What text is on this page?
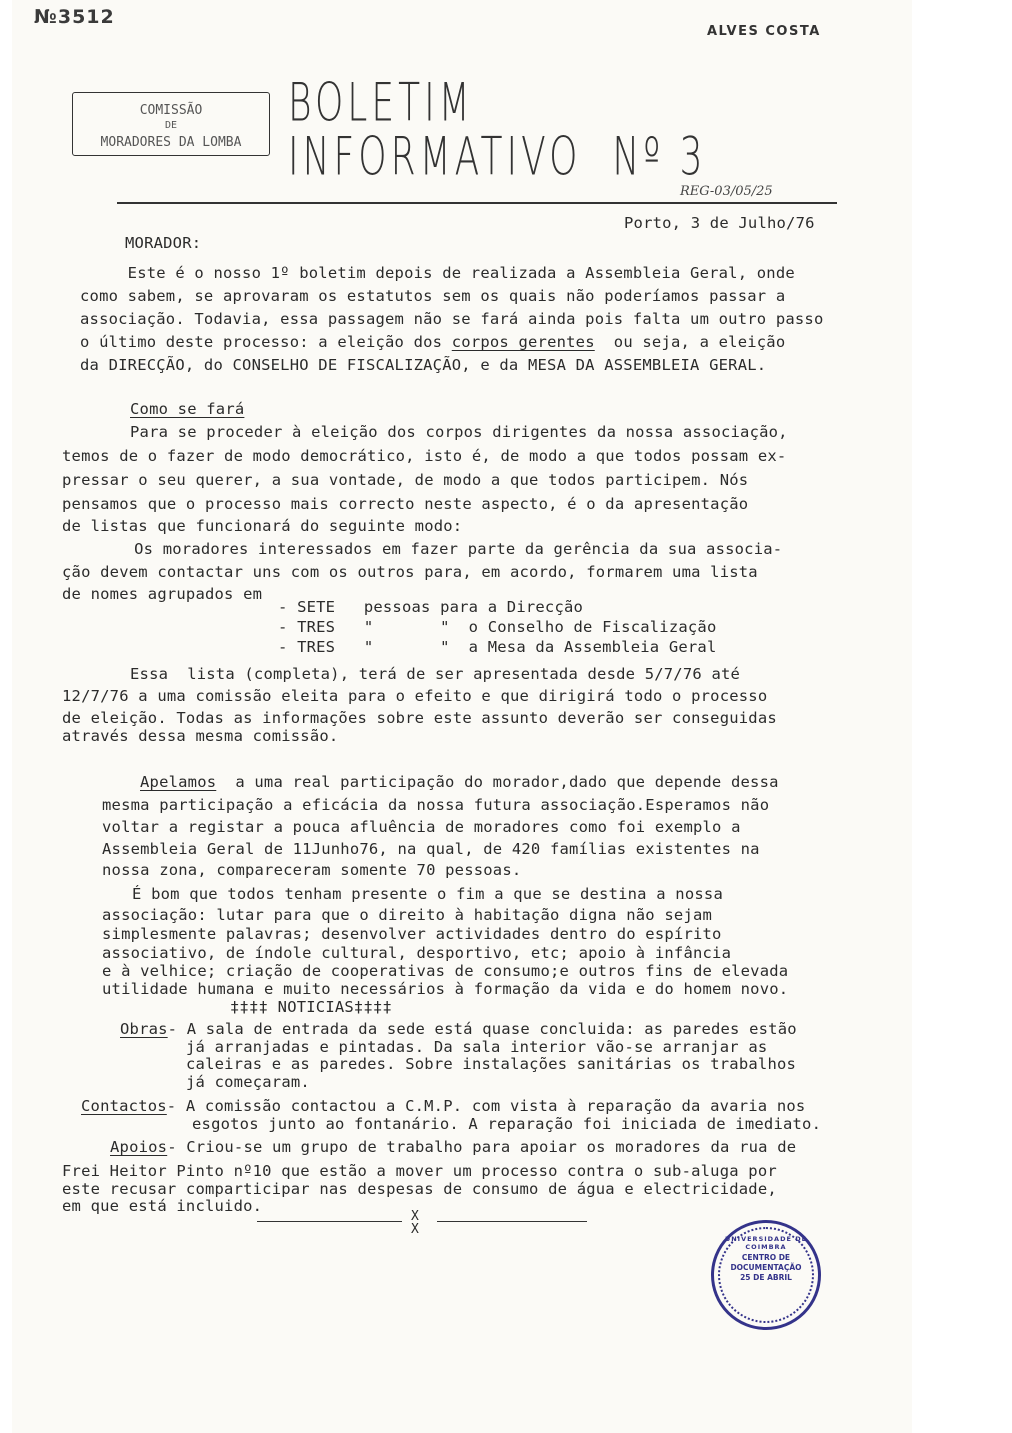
№3512
ALVES COSTA
COMISSÃO
DE
MORADORES DA LOMBA
BOLETIM
INFORMATIVO  Nº 3
REG-03/05/25
Porto, 3 de Julho/76
MORADOR:
Este é o nosso 1º boletim depois de realizada a Assembleia Geral, onde
como sabem, se aprovaram os estatutos sem os quais não poderíamos passar a
associação. Todavia, essa passagem não se fará ainda pois falta um outro passo
o último deste processo: a eleição dos corpos gerentes  ou seja, a eleição
da DIRECÇÃO, do CONSELHO DE FISCALIZAÇÃO, e da MESA DA ASSEMBLEIA GERAL.
Como se fará
Para se proceder à eleição dos corpos dirigentes da nossa associação,
temos de o fazer de modo democrático, isto é, de modo a que todos possam ex-
pressar o seu querer, a sua vontade, de modo a que todos participem. Nós
pensamos que o processo mais correcto neste aspecto, é o da apresentação
de listas que funcionará do seguinte modo:
Os moradores interessados em fazer parte da gerência da sua associa-
ção devem contactar uns com os outros para, em acordo, formarem uma lista
de nomes agrupados em
- SETE pessoas para a Direcção
- TRES "       "  o Conselho de Fiscalização
- TRES "       "  a Mesa da Assembleia Geral
Essa  lista (completa), terá de ser apresentada desde 5/7/76 até
12/7/76 a uma comissão eleita para o efeito e que dirigirá todo o processo
de eleição. Todas as informações sobre este assunto deverão ser conseguidas
através dessa mesma comissão.
Apelamos  a uma real participação do morador,dado que depende dessa
mesma participação a eficácia da nossa futura associação.Esperamos não
voltar a registar a pouca afluência de moradores como foi exemplo a
Assembleia Geral de 11Junho76, na qual, de 420 famílias existentes na
nossa zona, compareceram somente 70 pessoas.
É bom que todos tenham presente o fim a que se destina a nossa
associação: lutar para que o direito à habitação digna não sejam
simplesmente palavras; desenvolver actividades dentro do espírito
associativo, de índole cultural, desportivo, etc; apoio à infância
e à velhice; criação de cooperativas de consumo;e outros fins de elevada
utilidade humana e muito necessários à formação da vida e do homem novo.
‡‡‡‡ NOTICIAS‡‡‡‡
Obras- A sala de entrada da sede está quase concluida: as paredes estão
já arranjadas e pintadas. Da sala interior vão-se arranjar as
caleiras e as paredes. Sobre instalações sanitárias os trabalhos
já começaram.
Contactos- A comissão contactou a C.M.P. com vista à reparação da avaria nos
esgotos junto ao fontanário. A reparação foi iniciada de imediato.
Apoios- Criou-se um grupo de trabalho para apoiar os moradores da rua de
Frei Heitor Pinto nº10 que estão a mover um processo contra o sub-aluga por
este recusar comparticipar nas despesas de consumo de água e electricidade,
em que está incluido.
X
X
UNIVERSIDADE DE COIMBRA
CENTRO DE
DOCUMENTAÇÃO
25 DE ABRIL
